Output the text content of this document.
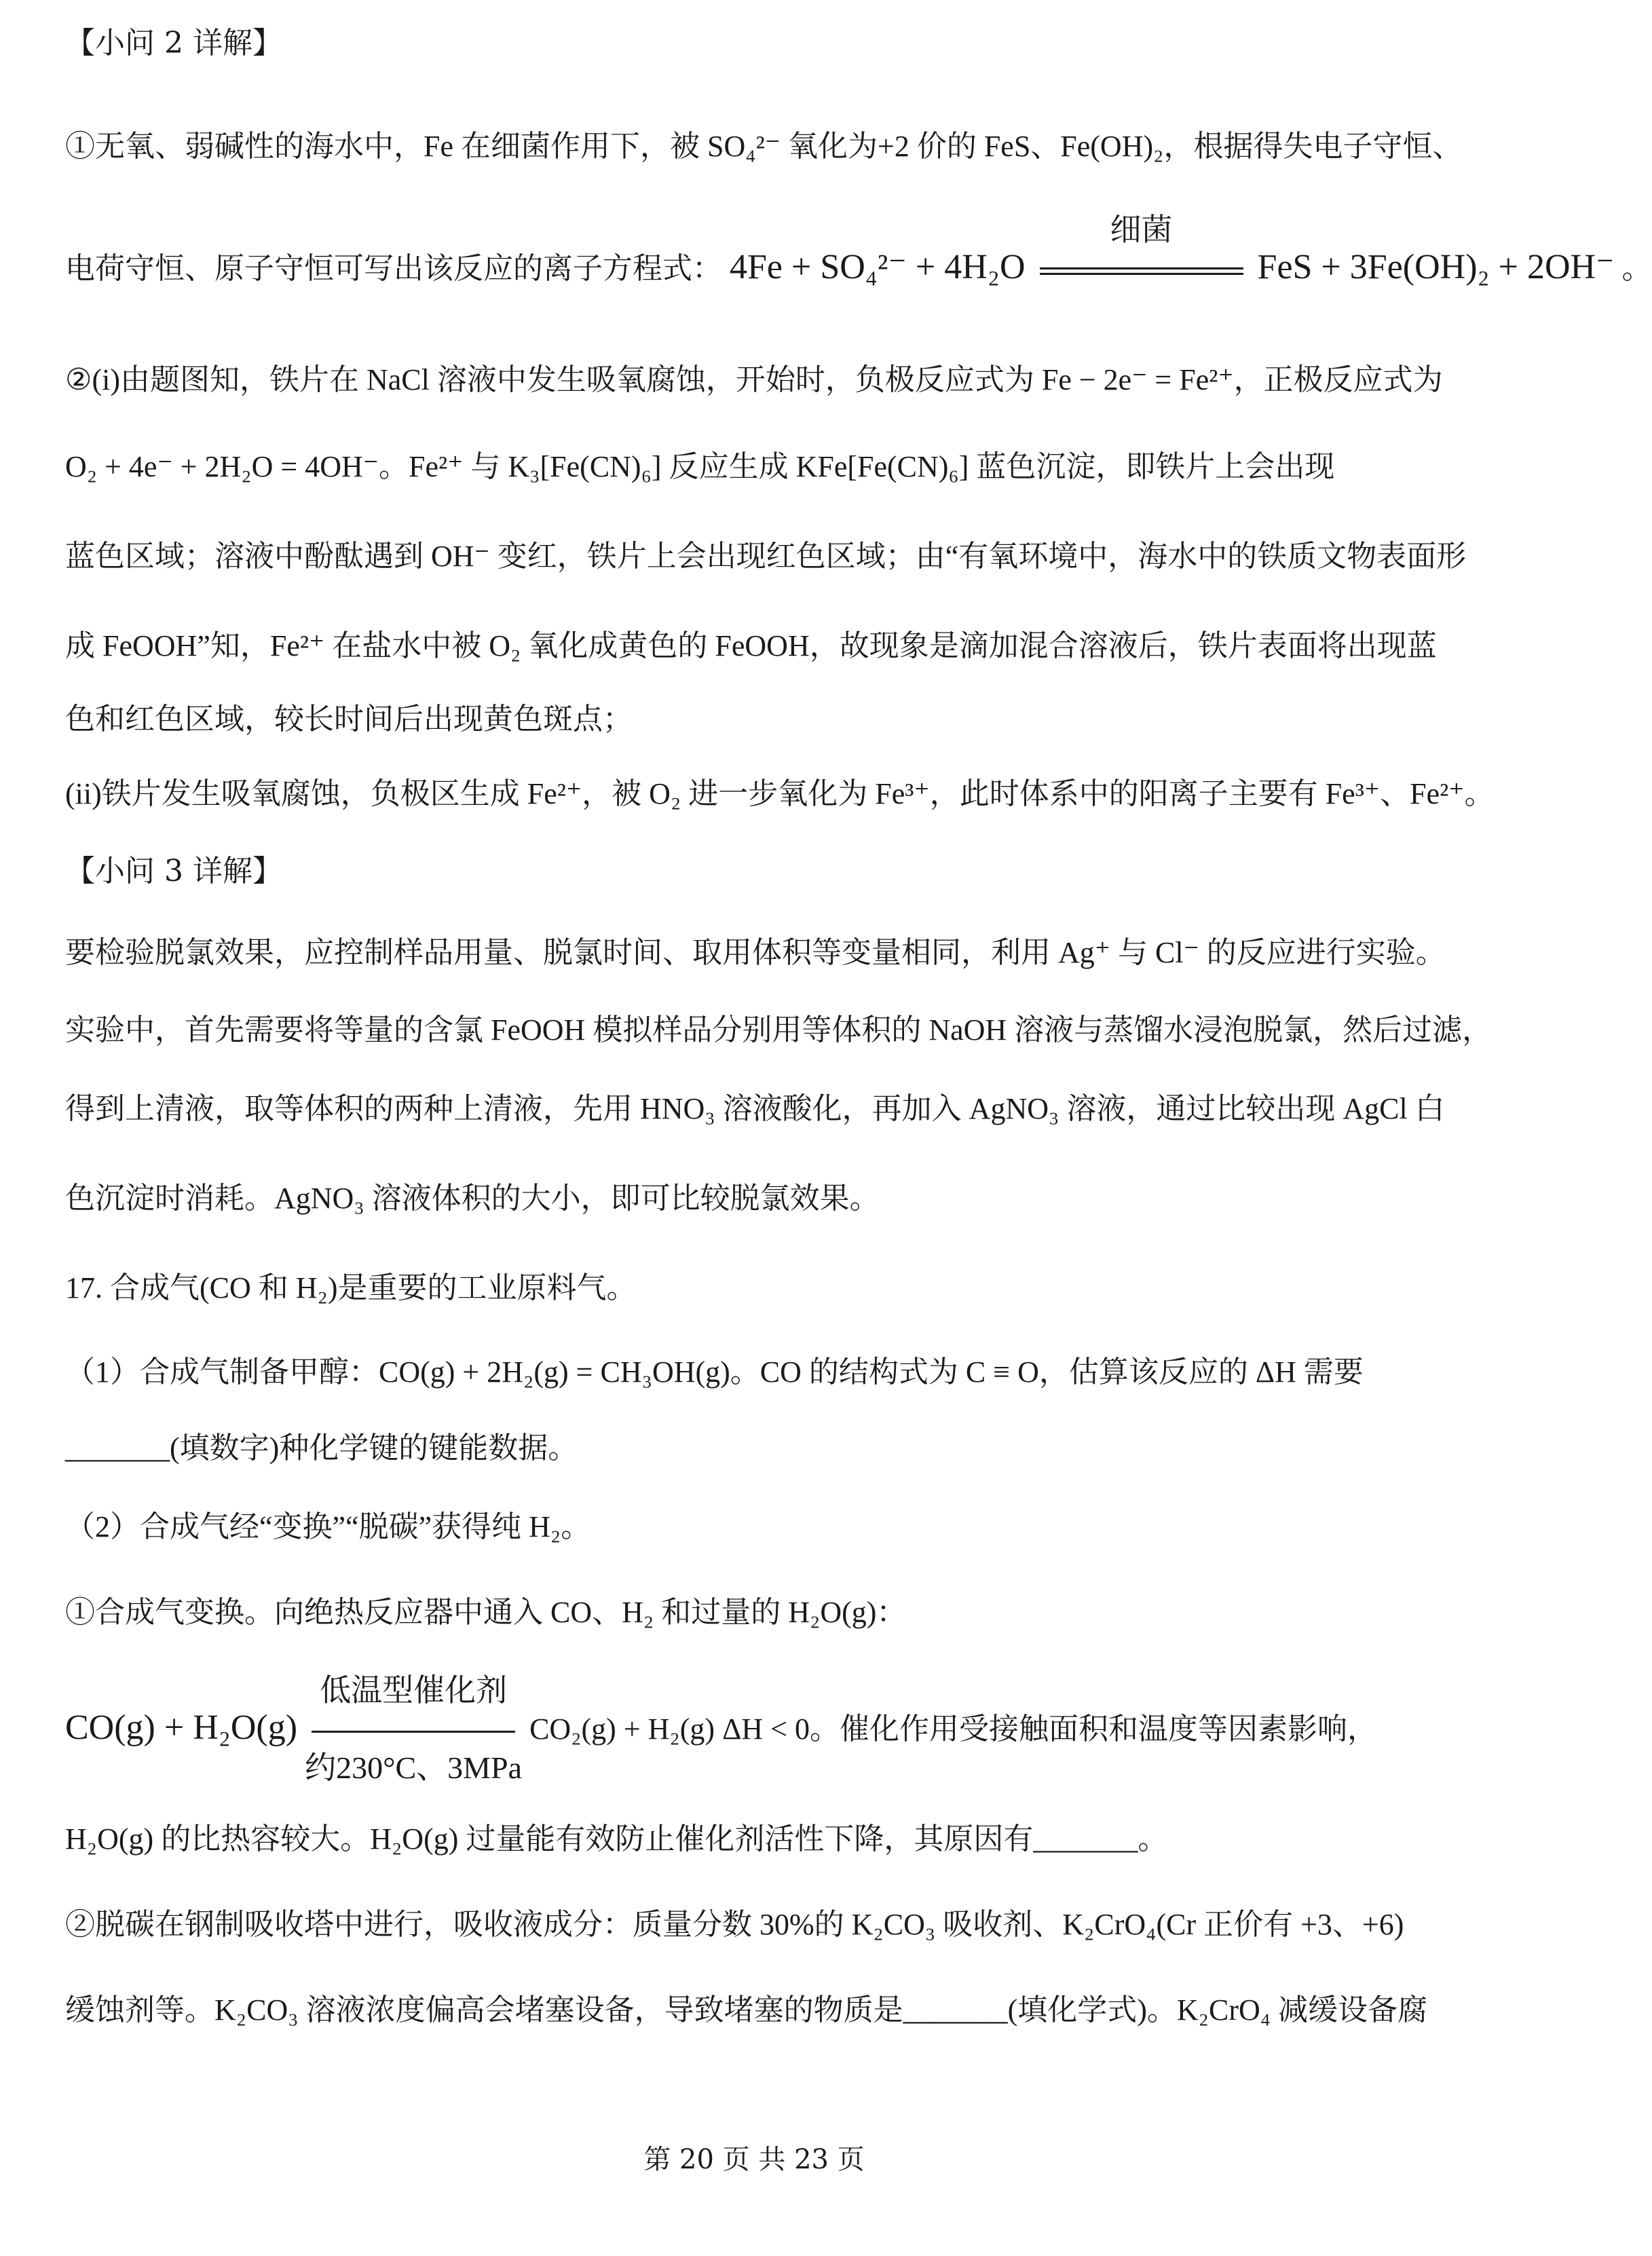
【小问 2 详解】
①无氧、弱碱性的海水中，Fe 在细菌作用下，被 SO₄²⁻ 氧化为+2 价的 FeS、Fe(OH)₂，根据得失电子守恒、
电荷守恒、原子守恒可写出该反应的离子方程式： 4Fe + SO₄²⁻ + 4H₂O
细菌
FeS + 3Fe(OH)₂ + 2OH⁻ 。
②(i)由题图知，铁片在 NaCl 溶液中发生吸氧腐蚀，开始时，负极反应式为 Fe − 2e⁻ = Fe²⁺，正极反应式为
O₂ + 4e⁻ + 2H₂O = 4OH⁻。Fe²⁺ 与 K₃[Fe(CN)₆] 反应生成 KFe[Fe(CN)₆] 蓝色沉淀，即铁片上会出现
蓝色区域；溶液中酚酞遇到 OH⁻ 变红，铁片上会出现红色区域；由“有氧环境中，海水中的铁质文物表面形
成 FeOOH”知，Fe²⁺ 在盐水中被 O₂ 氧化成黄色的 FeOOH，故现象是滴加混合溶液后，铁片表面将出现蓝
色和红色区域，较长时间后出现黄色斑点；
(ii)铁片发生吸氧腐蚀，负极区生成 Fe²⁺，被 O₂ 进一步氧化为 Fe³⁺，此时体系中的阳离子主要有 Fe³⁺、Fe²⁺。
【小问 3 详解】
要检验脱氯效果，应控制样品用量、脱氯时间、取用体积等变量相同，利用 Ag⁺ 与 Cl⁻ 的反应进行实验。
实验中，首先需要将等量的含氯 FeOOH 模拟样品分别用等体积的 NaOH 溶液与蒸馏水浸泡脱氯，然后过滤，
得到上清液，取等体积的两种上清液，先用 HNO₃ 溶液酸化，再加入 AgNO₃ 溶液，通过比较出现 AgCl 白
色沉淀时消耗。AgNO₃ 溶液体积的大小，即可比较脱氯效果。
17. 合成气(CO 和 H₂)是重要的工业原料气。
（1）合成气制备甲醇：CO(g) + 2H₂(g) = CH₃OH(g)。CO 的结构式为 C ≡ O，估算该反应的 ΔH 需要
_______(填数字)种化学键的键能数据。
（2）合成气经“变换”“脱碳”获得纯 H₂。
①合成气变换。向绝热反应器中通入 CO、H₂ 和过量的 H₂O(g)：
CO(g) + H₂O(g)
低温型催化剂
约230°C、3MPa
CO₂(g) + H₂(g) ΔH < 0。催化作用受接触面积和温度等因素影响，
H₂O(g) 的比热容较大。H₂O(g) 过量能有效防止催化剂活性下降，其原因有_______。
②脱碳在钢制吸收塔中进行，吸收液成分：质量分数 30%的 K₂CO₃ 吸收剂、K₂CrO₄(Cr 正价有 +3、+6)
缓蚀剂等。K₂CO₃ 溶液浓度偏高会堵塞设备，导致堵塞的物质是_______(填化学式)。K₂CrO₄ 减缓设备腐
第 20 页 共 23 页
